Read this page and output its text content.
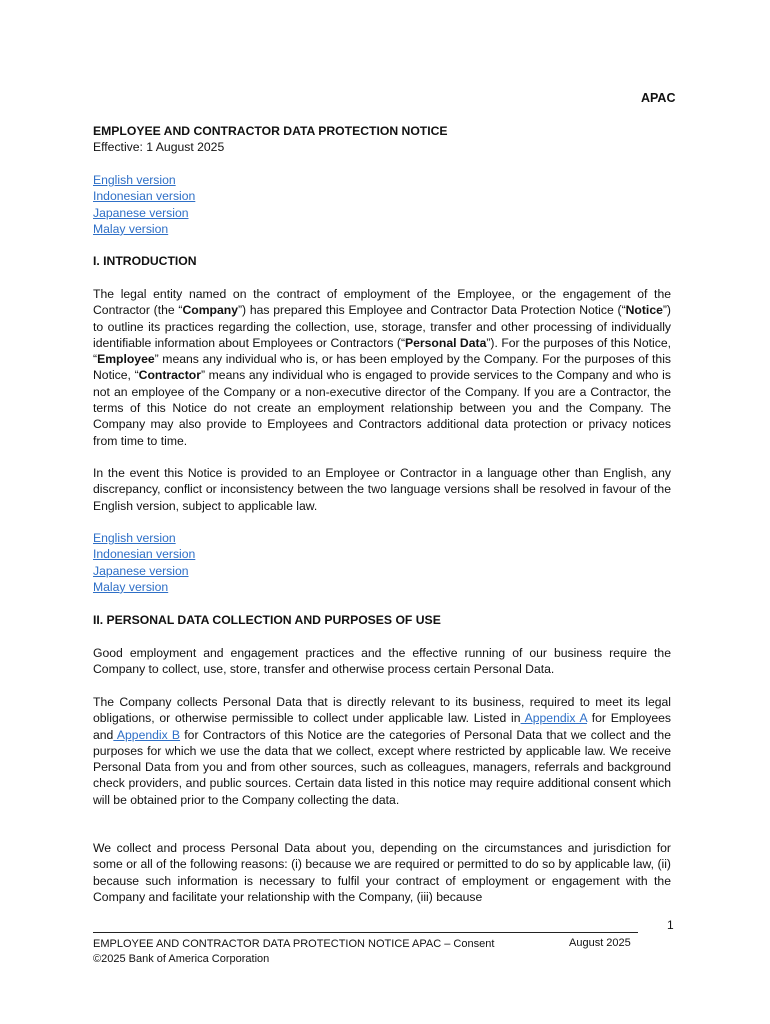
APAC
EMPLOYEE AND CONTRACTOR DATA PROTECTION NOTICE
Effective: 1 August 2025
English version
Indonesian version
Japanese version
Malay version
I. INTRODUCTION
The legal entity named on the contract of employment of the Employee, or the engagement of the Contractor (the “Company”) has prepared this Employee and Contractor Data Protection Notice (“Notice”) to outline its practices regarding the collection, use, storage, transfer and other processing of individually identifiable information about Employees or Contractors (“Personal Data”). For the purposes of this Notice, “Employee” means any individual who is, or has been employed by the Company. For the purposes of this Notice, “Contractor” means any individual who is engaged to provide services to the Company and who is not an employee of the Company or a non-executive director of the Company. If you are a Contractor, the terms of this Notice do not create an employment relationship between you and the Company. The Company may also provide to Employees and Contractors additional data protection or privacy notices from time to time.
In the event this Notice is provided to an Employee or Contractor in a language other than English, any discrepancy, conflict or inconsistency between the two language versions shall be resolved in favour of the English version, subject to applicable law.
English version
Indonesian version
Japanese version
Malay version
II. PERSONAL DATA COLLECTION AND PURPOSES OF USE
Good employment and engagement practices and the effective running of our business require the Company to collect, use, store, transfer and otherwise process certain Personal Data.
The Company collects Personal Data that is directly relevant to its business, required to meet its legal obligations, or otherwise permissible to collect under applicable law. Listed in Appendix A for Employees and Appendix B for Contractors of this Notice are the categories of Personal Data that we collect and the purposes for which we use the data that we collect, except where restricted by applicable law. We receive Personal Data from you and from other sources, such as colleagues, managers, referrals and background check providers, and public sources. Certain data listed in this notice may require additional consent which will be obtained prior to the Company collecting the data.
We collect and process Personal Data about you, depending on the circumstances and jurisdiction for some or all of the following reasons: (i) because we are required or permitted to do so by applicable law, (ii) because such information is necessary to fulfil your contract of employment or engagement with the Company and facilitate your relationship with the Company, (iii) because
1
EMPLOYEE AND CONTRACTOR DATA PROTECTION NOTICE APAC – Consent
©2025 Bank of America Corporation
August 2025
